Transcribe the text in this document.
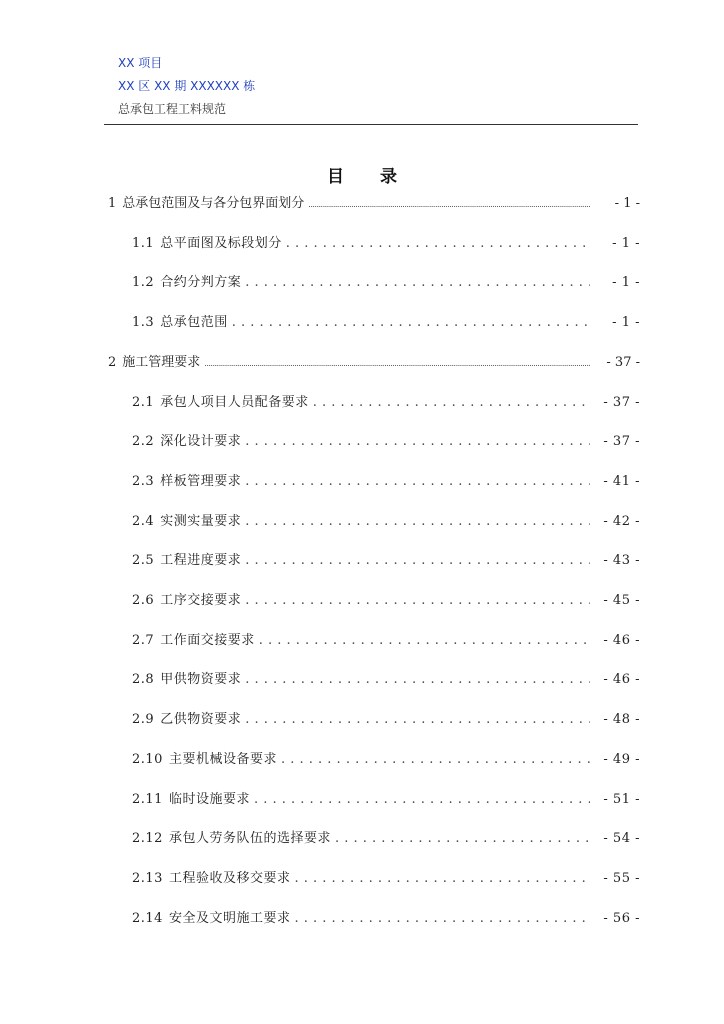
XX 项目
XX 区 XX 期 XXXXXX 栋
总承包工程工料规范
目录
1 总承包范围及与各分包界面划分 .....	- 1 -
1.1 总平面图及标段划分 . . .	- 1 -
1.2 合约分判方案 . . .	- 1 -
1.3 总承包范围 . . .	- 1 -
2 施工管理要求 .....	- 37 -
2.1 承包人项目人员配备要求 . . .	- 37 -
2.2 深化设计要求 . . .	- 37 -
2.3 样板管理要求 . . .	- 41 -
2.4 实测实量要求 . . .	- 42 -
2.5 工程进度要求 . . .	- 43 -
2.6 工序交接要求 . . .	- 45 -
2.7 工作面交接要求 . . .	- 46 -
2.8 甲供物资要求 . . .	- 46 -
2.9 乙供物资要求 . . .	- 48 -
2.10 主要机械设备要求 . . .	- 49 -
2.11 临时设施要求 . . .	- 51 -
2.12 承包人劳务队伍的选择要求 . . .	- 54 -
2.13 工程验收及移交要求 . . .	- 55 -
2.14 安全及文明施工要求 . . .	- 56 -
